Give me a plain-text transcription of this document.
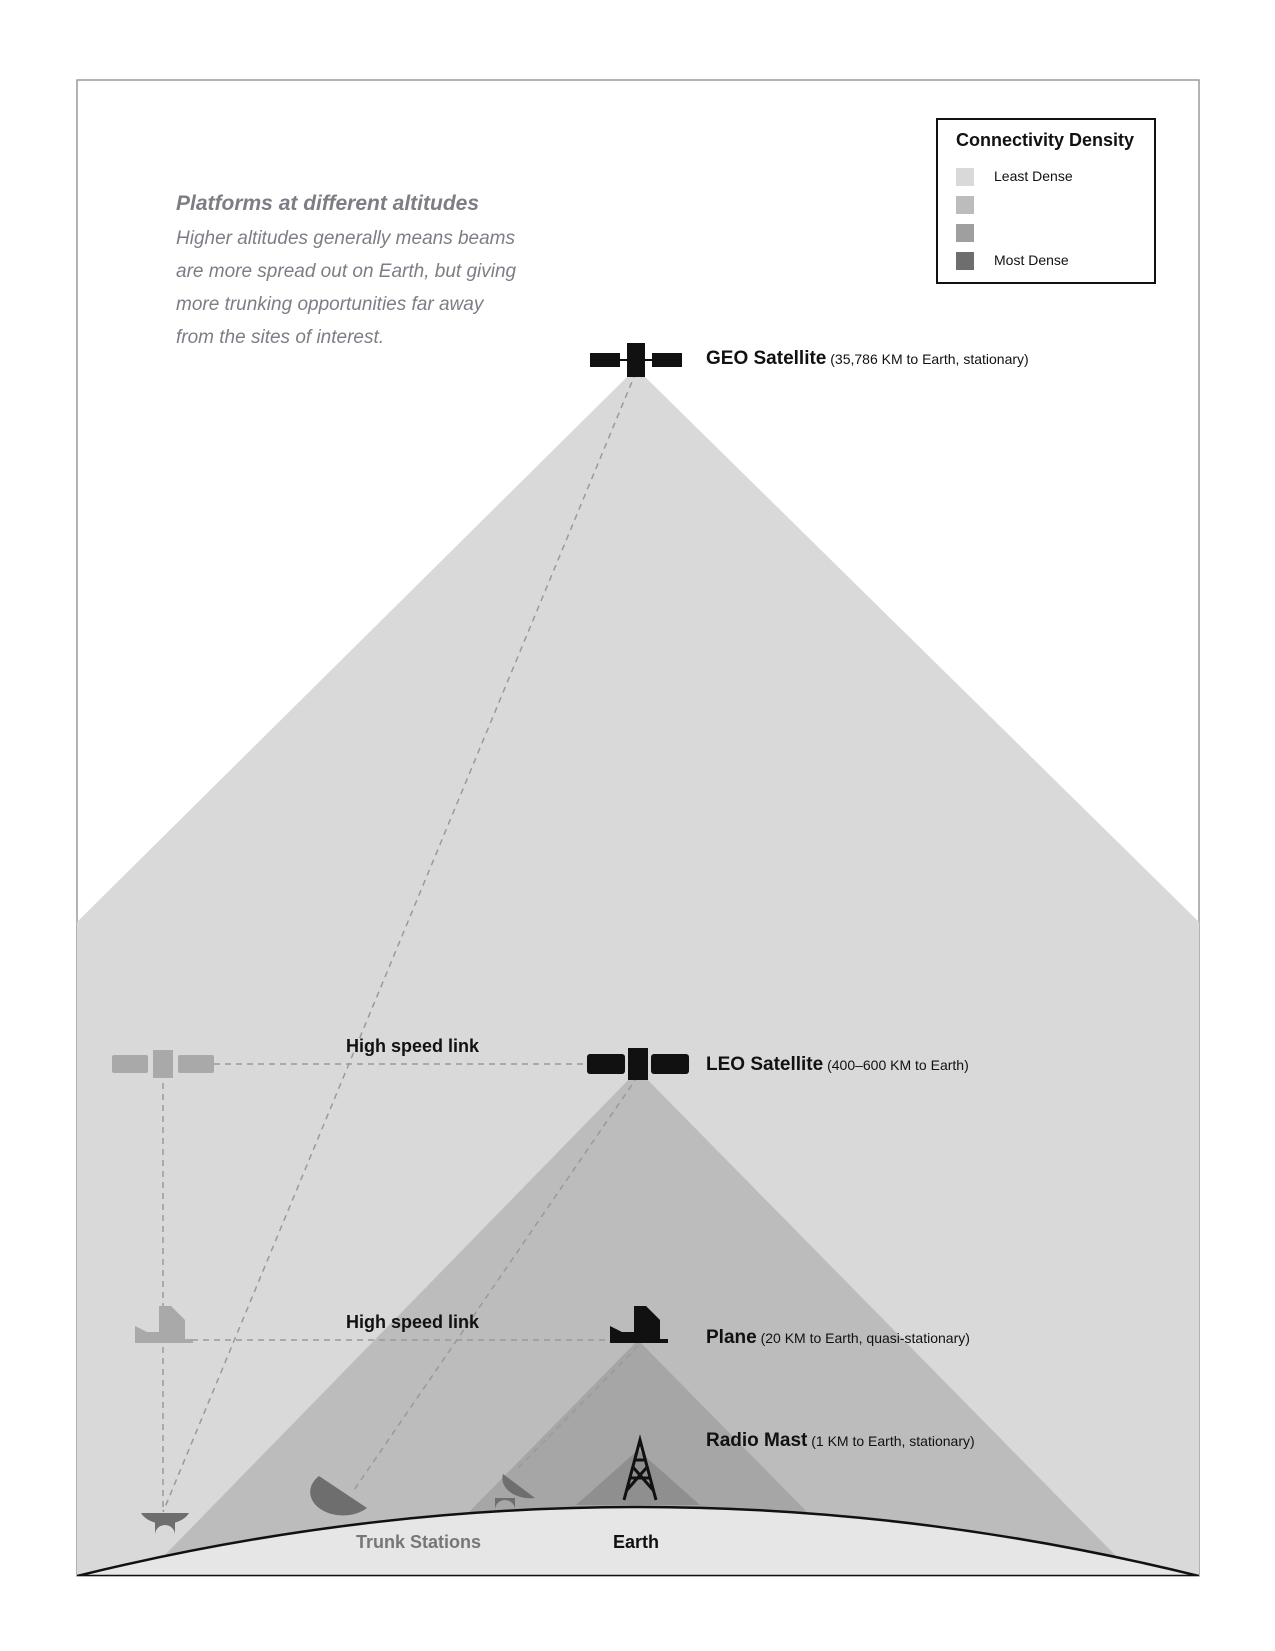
Platforms at different altitudes
Higher altitudes generally means beams
are more spread out on Earth, but giving
more trunking opportunities far away
from the sites of interest.
Connectivity Density
Least Dense
Most Dense
GEO Satellite (35,786 KM to Earth, stationary)
LEO Satellite (400–600 KM to Earth)
Plane (20 KM to Earth, quasi-stationary)
Radio Mast (1 KM to Earth, stationary)
High speed link
High speed link
Trunk Stations	Earth
